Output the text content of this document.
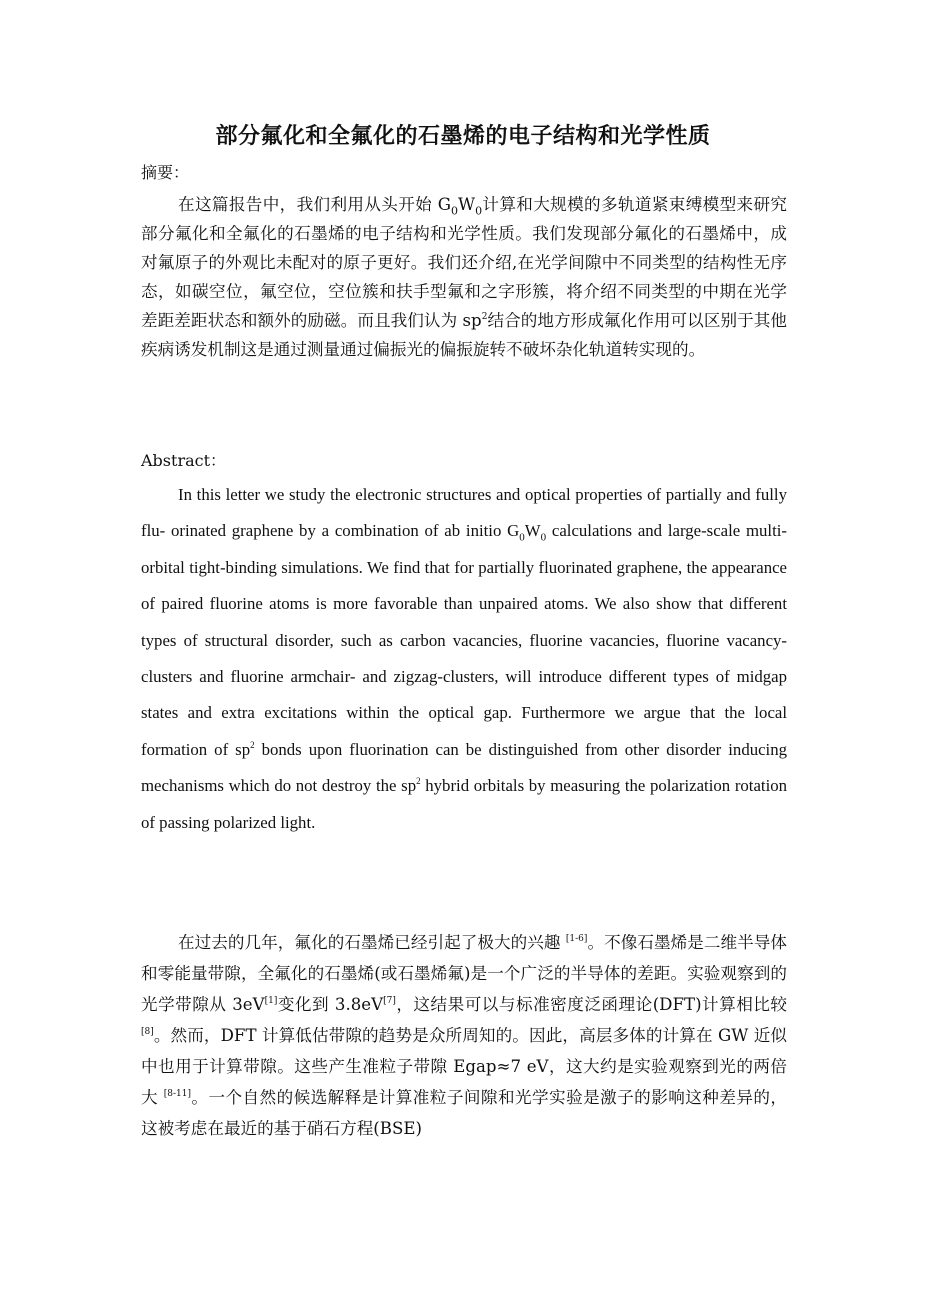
部分氟化和全氟化的石墨烯的电子结构和光学性质
摘要：

在这篇报告中，我们利用从头开始 $G_0W_0$计算和大规模的多轨道紧束缚模型来研究部分氟化和全氟化的石墨烯的电子结构和光学性质。我们发现部分氟化的石墨烯中，成对氟原子的外观比未配对的原子更好。我们还介绍,在光学间隙中不同类型的结构性无序态，如碳空位，氟空位，空位簇和扶手型氟和之字形簇，将介绍不同类型的中期在光学差距差距状态和额外的励磁。而且我们认为 $sp^2$结合的地方形成氟化作用可以区别于其他疾病诱发机制这是通过测量通过偏振光的偏振旋转不破坏杂化轨道转实现的。

Abstract：

In this letter we study the electronic structures and optical properties of partially and fully flu- orinated graphene by a combination of ab initio $G_0W_0$ calculations and large-scale multi-orbital tight-binding simulations. We find that for partially fluorinated graphene, the appearance of paired fluorine atoms is more favorable than unpaired atoms. We also show that different types of structural disorder, such as carbon vacancies, fluorine vacancies, fluorine vacancy-clusters and fluorine armchair- and zigzag-clusters, will introduce different types of midgap states and extra excitations within the optical gap. Furthermore we argue that the local formation of $sp^2$ bonds upon fluorination can be distinguished from other disorder inducing mechanisms which do not destroy the $sp^2$ hybrid orbitals by measuring the polarization rotation of passing polarized light.

在过去的几年，氟化的石墨烯已经引起了极大的兴趣 [1-6]。不像石墨烯是二维半导体和零能量带隙，全氟化的石墨烯(或石墨烯氟)是一个广泛的半导体的差距。实验观察到的光学带隙从 3eV[1]变化到 3.8eV[7]，这结果可以与标准密度泛函理论(DFT)计算相比较 [8]。然而，DFT 计算低估带隙的趋势是众所周知的。因此，高层多体的计算在 GW 近似中也用于计算带隙。这些产生准粒子带隙 Egap≈7 eV，这大约是实验观察到光的两倍大 [8-11]。一个自然的候选解释是计算准粒子间隙和光学实验是激子的影响这种差异的，这被考虑在最近的基于硝石方程(BSE)
